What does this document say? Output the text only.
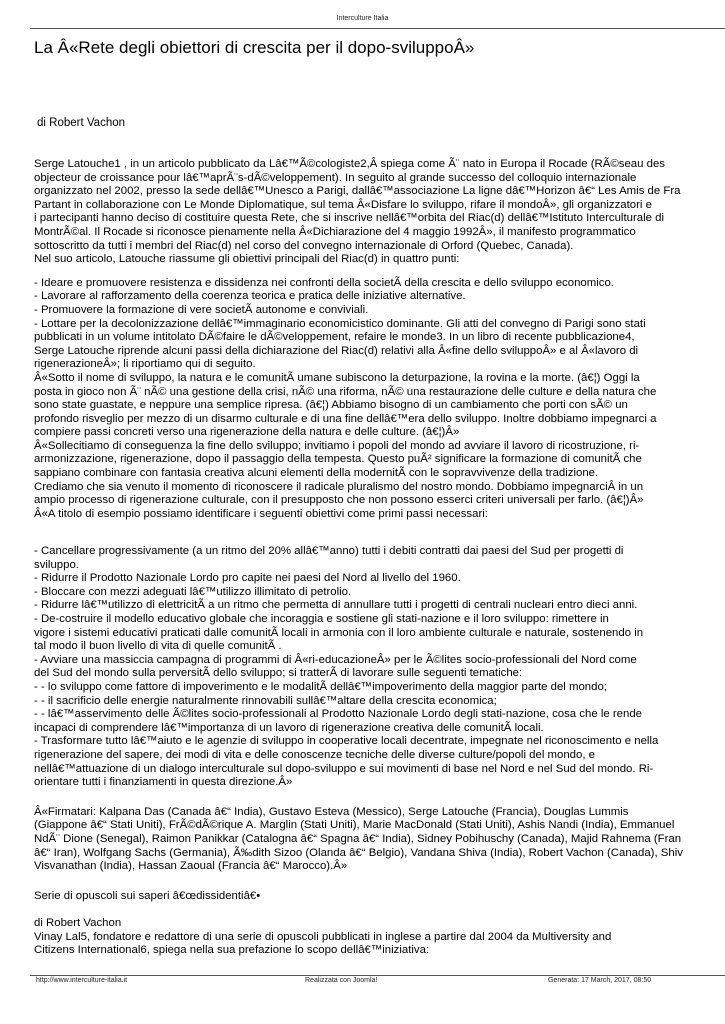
Interculture Italia
La Â«Rete degli obiettori di crescita per il dopo-sviluppoÂ»
di Robert Vachon
Serge Latouche1 , in un articolo pubblicato da Lâ€™Ã©cologiste2,Â spiega come Ã¨ nato in Europa il Rocade (RÃ©seau des
objecteur de croissance pour lâ€™aprÃ¨s-dÃ©veloppement). In seguito al grande successo del colloquio internazionale
organizzato nel 2002, presso la sede dellâ€™Unesco a Parigi, dallâ€™associazione La ligne dâ€™Horizon â€“ Les Amis de Fra
Partant in collaborazione con Le Monde Diplomatique, sul tema Â«Disfare lo sviluppo, rifare il mondoÂ», gli organizzatori e
i partecipanti hanno deciso di costituire questa Rete, che si inscrive nellâ€™orbita del Riac(d) dellâ€™Istituto Interculturale di
MontrÃ©al. Il Rocade si riconosce pienamente nella Â«Dichiarazione del 4 maggio 1992Â», il manifesto programmatico
sottoscritto da tutti i membri del Riac(d) nel corso del convegno internazionale di Orford (Quebec, Canada).
Nel suo articolo, Latouche riassume gli obiettivi principali del Riac(d) in quattro punti:
- Ideare e promuovere resistenza e dissidenza nei confronti della societÃ della crescita e dello sviluppo economico.
- Lavorare al rafforzamento della coerenza teorica e pratica delle iniziative alternative.
- Promuovere la formazione di vere societÃ autonome e conviviali.
- Lottare per la decolonizzazione dellâ€™immaginario economicistico dominante. Gli atti del convegno di Parigi sono stati
pubblicati in un volume intitolato DÃ©faire le dÃ©veloppement, refaire le monde3. In un libro di recente pubblicazione4,
Serge Latouche riprende alcuni passi della dichiarazione del Riac(d) relativi alla Â«fine dello sviluppoÂ» e al Â«lavoro di
rigenerazioneÂ»; li riportiamo qui di seguito.
Â«Sotto il nome di sviluppo, la natura e le comunitÃ umane subiscono la deturpazione, la rovina e la morte. (â€¦) Oggi la
posta in gioco non Ã¨ nÃ© una gestione della crisi, nÃ© una riforma, nÃ© una restaurazione delle culture e della natura che
sono state guastate, e neppure una semplice ripresa. (â€¦) Abbiamo bisogno di un cambiamento che porti con sÃ© un
profondo risveglio per mezzo di un disarmo culturale e di una fine dellâ€™era dello sviluppo. Inoltre dobbiamo impegnarci a
compiere passi concreti verso una rigenerazione della natura e delle culture. (â€¦)Â»
Â«Sollecitiamo di conseguenza la fine dello sviluppo; invitiamo i popoli del mondo ad avviare il lavoro di ricostruzione, ri-
armonizzazione, rigenerazione, dopo il passaggio della tempesta. Questo puÃ² significare la formazione di comunitÃ che
sappiano combinare con fantasia creativa alcuni elementi della modernitÃ con le sopravvivenze della tradizione.
Crediamo che sia venuto il momento di riconoscere il radicale pluralismo del nostro mondo. Dobbiamo impegnarciÂ in un
ampio processo di rigenerazione culturale, con il presupposto che non possono esserci criteri universali per farlo. (â€¦)Â»
Â«A titolo di esempio possiamo identificare i seguenti obiettivi come primi passi necessari:
- Cancellare progressivamente (a un ritmo del 20% allâ€™anno) tutti i debiti contratti dai paesi del Sud per progetti di
sviluppo.
- Ridurre il Prodotto Nazionale Lordo pro capite nei paesi del Nord al livello del 1960.
- Bloccare con mezzi adeguati lâ€™utilizzo illimitato di petrolio.
- Ridurre lâ€™utilizzo di elettricitÃ a un ritmo che permetta di annullare tutti i progetti di centrali nucleari entro dieci anni.
- De-costruire il modello educativo globale che incoraggia e sostiene gli stati-nazione e il loro sviluppo: rimettere in
vigore i sistemi educativi praticati dalle comunitÃ locali in armonia con il loro ambiente culturale e naturale, sostenendo in
tal modo il buon livello di vita di quelle comunitÃ .
- Avviare una massiccia campagna di programmi di Â«ri-educazioneÂ» per le Ã©lites socio-professionali del Nord come
del Sud del mondo sulla perversitÃ dello sviluppo; si tratterÃ di lavorare sulle seguenti tematiche:
- - lo sviluppo come fattore di impoverimento e le modalitÃ dellâ€™impoverimento della maggior parte del mondo;
- - il sacrificio delle energie naturalmente rinnovabili sullâ€™altare della crescita economica;
- - lâ€™asservimento delle Ã©lites socio-professionali al Prodotto Nazionale Lordo degli stati-nazione, cosa che le rende
incapaci di comprendere lâ€™importanza di un lavoro di rigenerazione creativa delle comunitÃ locali.
- Trasformare tutto lâ€™aiuto e le agenzie di sviluppo in cooperative locali decentrate, impegnate nel riconoscimento e nella
rigenerazione del sapere, dei modi di vita e delle conoscenze tecniche delle diverse culture/popoli del mondo, e
nellâ€™attuazione di un dialogo interculturale sul dopo-sviluppo e sui movimenti di base nel Nord e nel Sud del mondo. Ri-
orientare tutti i finanziamenti in questa direzione.Â»
Â«Firmatari: Kalpana Das (Canada â€“ India), Gustavo Esteva (Messico), Serge Latouche (Francia), Douglas Lummis
(Giappone â€“ Stati Uniti), FrÃ©dÃ©rique A. Marglin (Stati Uniti), Marie MacDonald (Stati Uniti), Ashis Nandi (India), Emmanuel
NdÃ¨ Dione (Senegal), Raimon Panikkar (Catalogna â€“ Spagna â€“ India), Sidney Pobihuschy (Canada), Majid Rahnema (Fran
â€“ Iran), Wolfgang Sachs (Germania), Ã‰dith Sizoo (Olanda â€“ Belgio), Vandana Shiva (India), Robert Vachon (Canada), Shiv
Visvanathan (India), Hassan Zaoual (Francia â€“ Marocco).Â»
Serie di opuscoli sui saperi â€œdissidentiâ€•
di Robert Vachon
Vinay Lal5, fondatore e redattore di una serie di opuscoli pubblicati in inglese a partire dal 2004 da Multiversity and
Citizens International6, spiega nella sua prefazione lo scopo dellâ€™iniziativa:
http://www.interculture-italia.it	Realizzata con Joomla!	Generata: 17 March, 2017, 08:50
